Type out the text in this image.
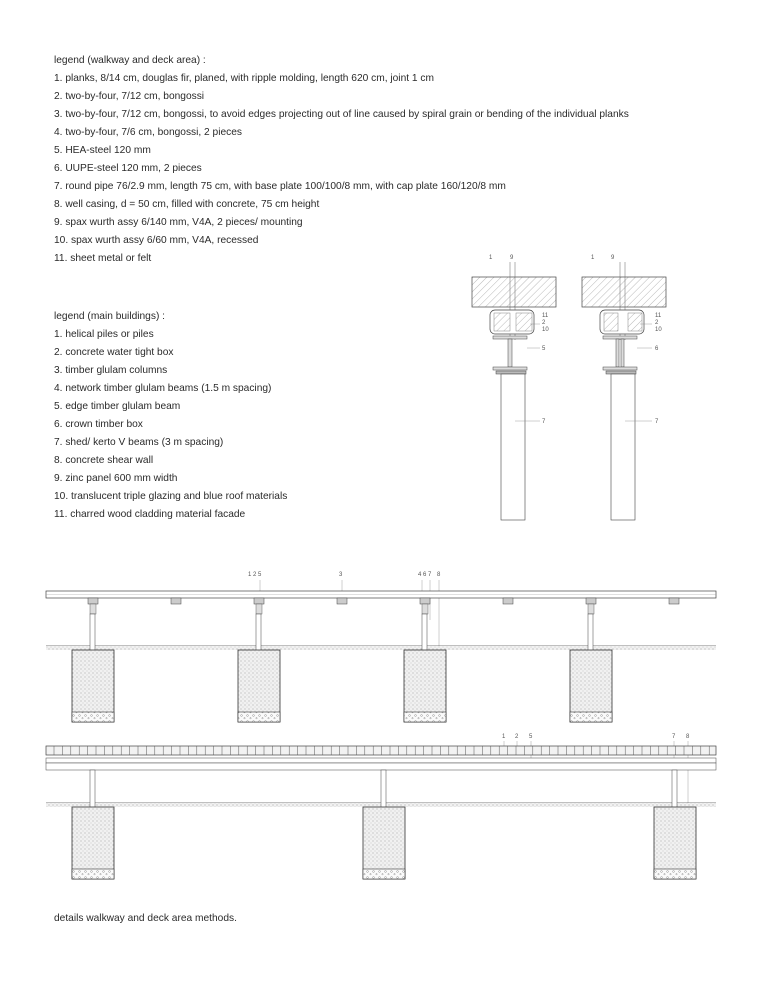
legend (walkway and deck area) :

1. planks, 8/14 cm, douglas fir, planed, with ripple molding, length 620 cm, joint 1 cm

2. two-by-four, 7/12 cm, bongossi

3. two-by-four, 7/12 cm, bongossi, to avoid edges projecting out of line caused by spiral grain or bending of the individual planks

4. two-by-four, 7/6 cm, bongossi, 2 pieces

5. HEA-steel 120 mm

6. UUPE-steel 120 mm, 2 pieces

7. round pipe 76/2.9 mm, length 75 cm, with base plate 100/100/8 mm, with cap plate 160/120/8 mm

8. well casing, d = 50 cm, filled with concrete, 75 cm height

9. spax wurth assy 6/140 mm, V4A, 2 pieces/ mounting

10. spax wurth assy 6/60 mm, V4A, recessed

11. sheet metal or felt

legend (main buildings) :

1. helical piles or piles

2. concrete water tight box

3. timber glulam columns

4. network timber glulam beams (1.5 m spacing)

5. edge timber glulam beam

6. crown timber box

7. shed/ kerto V beams (3 m spacing)

8. concrete shear wall

9. zinc panel 600 mm width

10. translucent triple glazing and blue roof materials

11. charred wood cladding material facade

1	9
11
2
10
5
7
1	9
11
2
10
6
7
1 2 5	3	4 6 7 8
1 2 5	7 8
details walkway and deck area methods.
